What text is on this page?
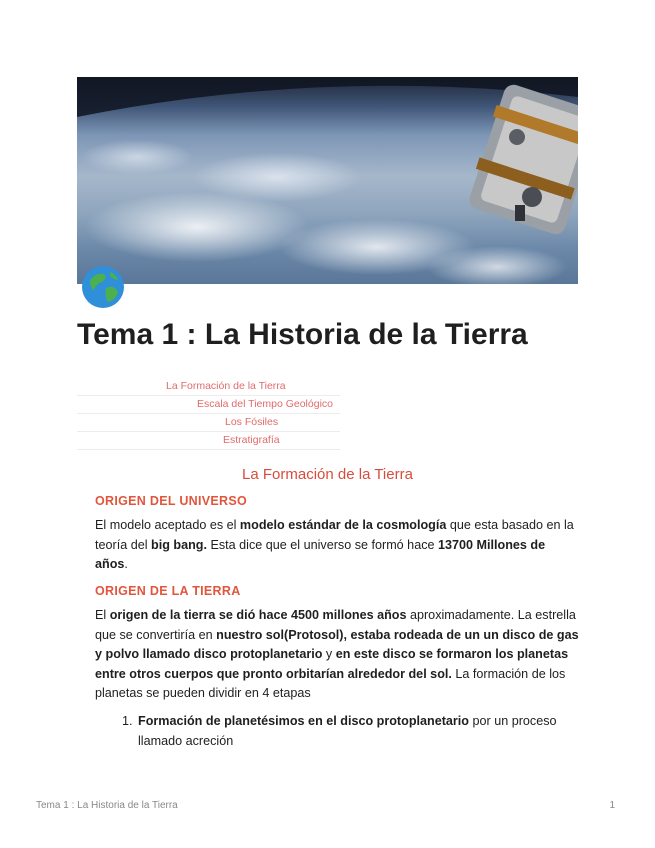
Tema 1 : La Historia de la Tierra
La Formación de la Tierra
Escala del Tiempo Geológico
Los Fósiles
Estratigrafía
La Formación de la Tierra
ORIGEN DEL UNIVERSO

El modelo aceptado es el modelo estándar de la cosmología que esta basado en la teoría del big bang. Esta dice que el universo se formó hace 13700 Millones de años.

ORIGEN DE LA TIERRA

El origen de la tierra se dió hace 4500 millones años aproximadamente. La estrella que se convertiría en nuestro sol(Protosol), estaba rodeada de un un disco de gas y polvo llamado disco protoplanetario y en este disco se formaron los planetas entre otros cuerpos que pronto orbitarían alrededor del sol. La formación de los planetas se pueden dividir en 4 etapas

1. Formación de planetésimos en el disco protoplanetario por un proceso llamado acreción
Tema 1 : La Historia de la Tierra	1
